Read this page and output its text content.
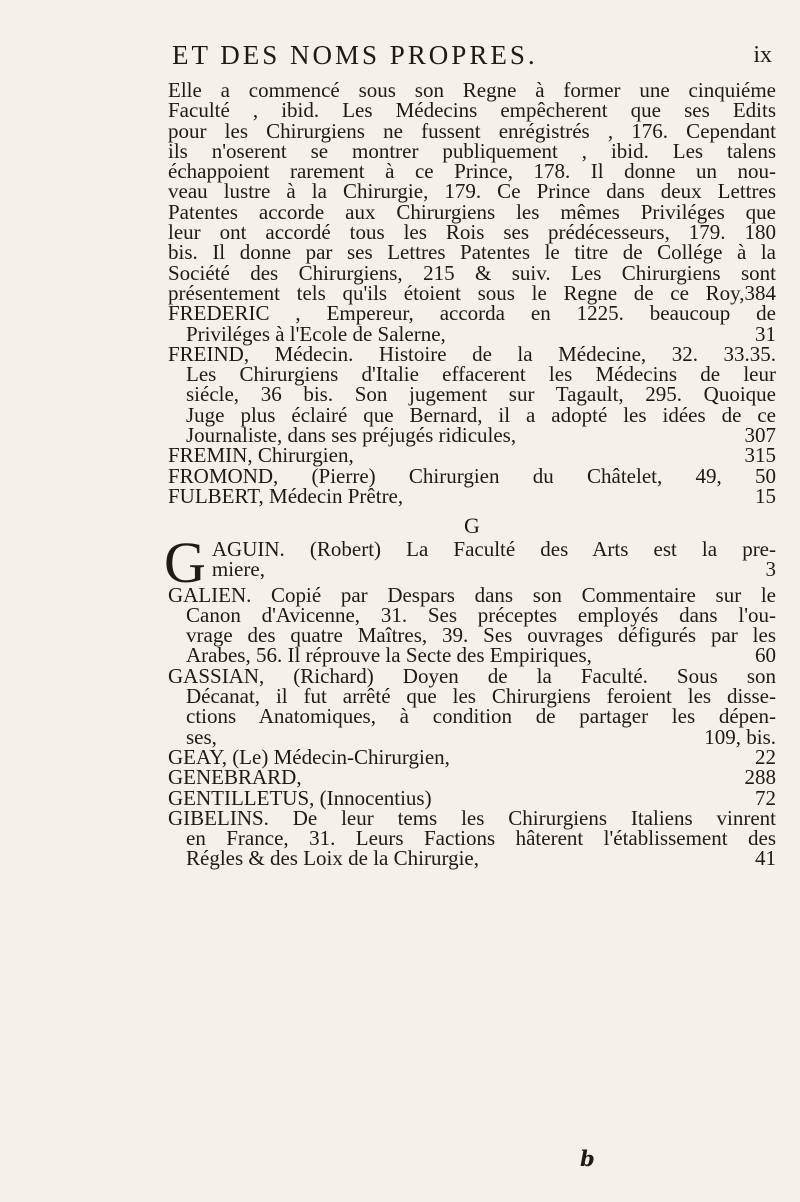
ET DES NOMS PROPRES.	ix
Elle a commencé sous son Regne à former une cinquiéme
Faculté , ibid. Les Médecins empêcherent que ses Edits
pour les Chirurgiens ne fussent enrégistrés , 176. Cependant
ils n'oserent se montrer publiquement , ibid. Les talens
échappoient rarement à ce Prince, 178. Il donne un nou-
veau lustre à la Chirurgie, 179. Ce Prince dans deux Lettres
Patentes accorde aux Chirurgiens les mêmes Priviléges que
leur ont accordé tous les Rois ses prédécesseurs, 179. 180
bis. Il donne par ses Lettres Patentes le titre de Collége à la
Société des Chirurgiens, 215 & suiv. Les Chirurgiens sont
présentement tels qu'ils étoient sous le Regne de ce Roy,384
FREDERIC , Empereur, accorda en 1225. beaucoup de
Priviléges à l'Ecole de Salerne,	31
FREIND, Médecin. Histoire de la Médecine, 32. 33.35.
Les Chirurgiens d'Italie effacerent les Médecins de leur
siécle, 36 bis. Son jugement sur Tagault, 295. Quoique
Juge plus éclairé que Bernard, il a adopté les idées de ce
Journaliste, dans ses préjugés ridicules,	307
FREMIN, Chirurgien,	315
FROMOND, (Pierre) Chirurgien du Châtelet, 49, 50
FULBERT, Médecin Prêtre,	15
G
G AGUIN. (Robert) La Faculté des Arts est la pre-
miere,	3
GALIEN. Copié par Despars dans son Commentaire sur le
Canon d'Avicenne, 31. Ses préceptes employés dans l'ou-
vrage des quatre Maîtres, 39. Ses ouvrages défigurés par les
Arabes, 56. Il réprouve la Secte des Empiriques,	60
GASSIAN, (Richard) Doyen de la Faculté. Sous son
Décanat, il fut arrêté que les Chirurgiens feroient les disse-
ctions Anatomiques, à condition de partager les dépen-
ses,	109, bis.
GEAY, (Le) Médecin-Chirurgien,	22
GENEBRARD,	288
GENTILLETUS, (Innocentius)	72
GIBELINS. De leur tems les Chirurgiens Italiens vinrent
en France, 31. Leurs Factions hâterent l'établissement des
Régles & des Loix de la Chirurgie,	41
b
